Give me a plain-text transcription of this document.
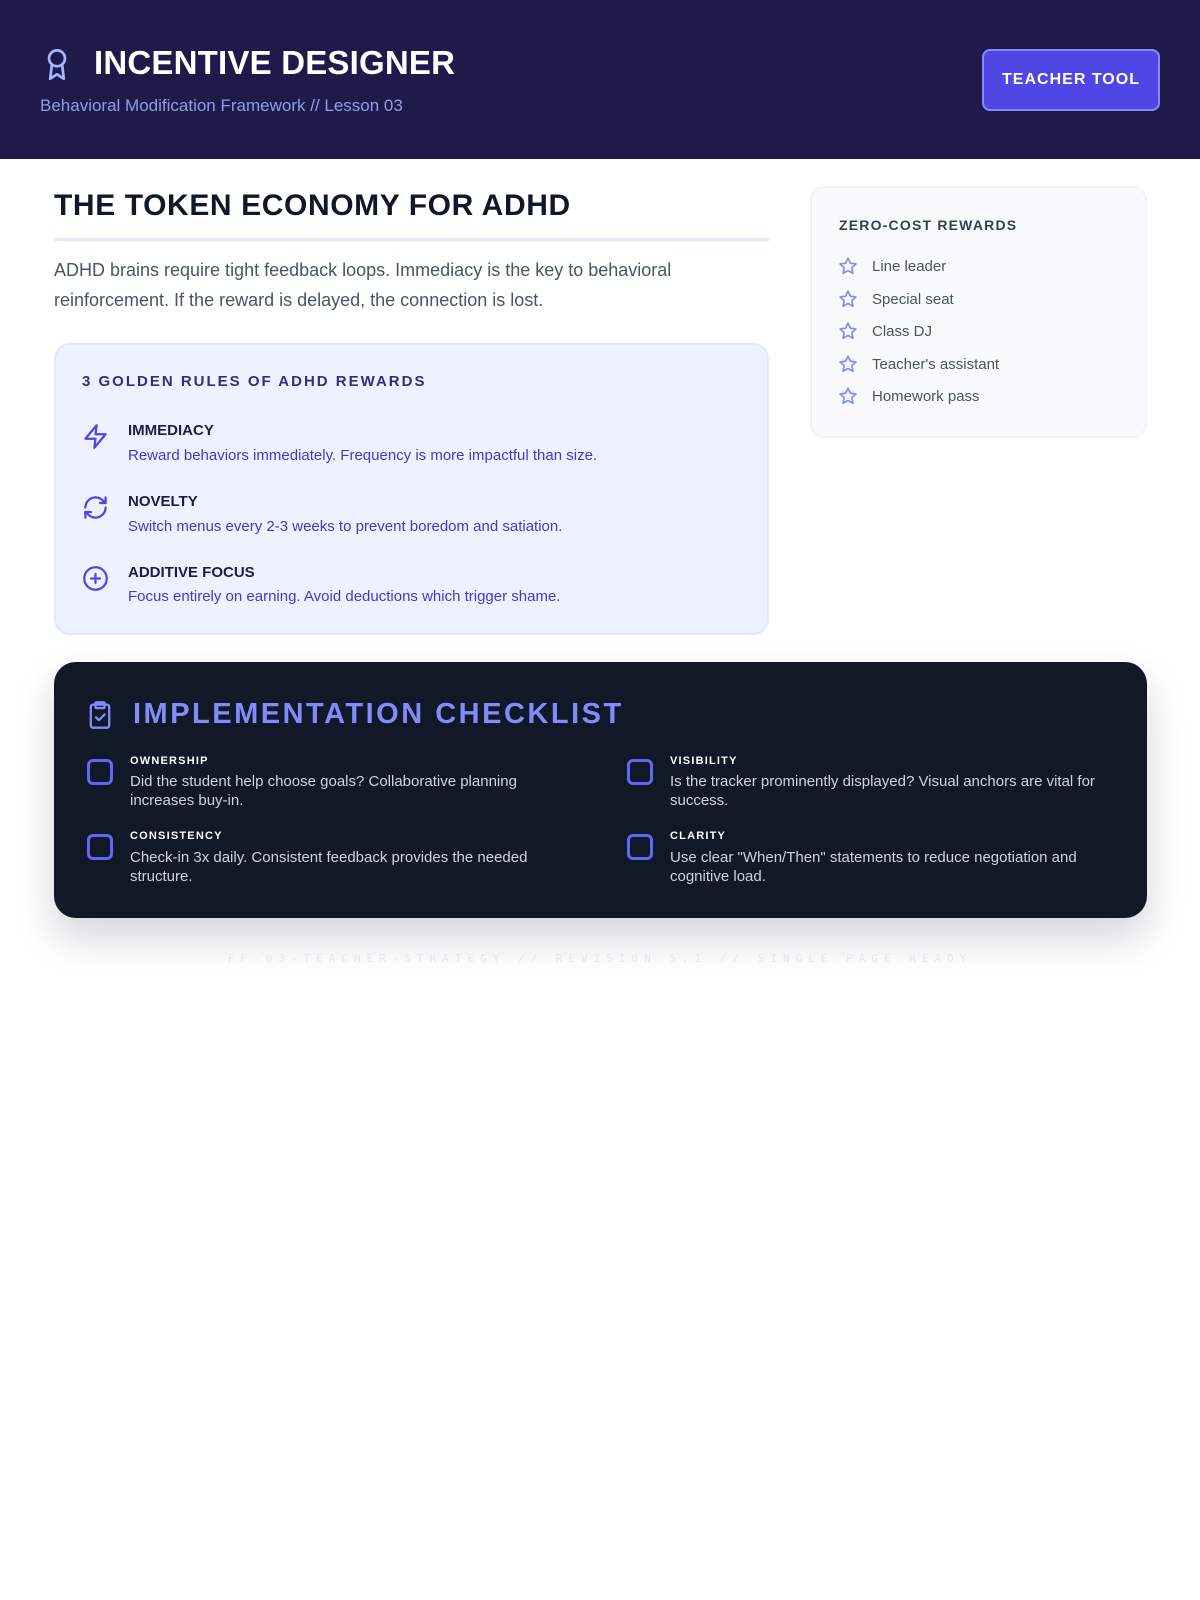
INCENTIVE DESIGNER
Behavioral Modification Framework // Lesson 03
TEACHER TOOL
THE TOKEN ECONOMY FOR ADHD
ADHD brains require tight feedback loops. Immediacy is the key to behavioral reinforcement. If the reward is delayed, the connection is lost.
3 GOLDEN RULES OF ADHD REWARDS
IMMEDIACY
Reward behaviors immediately. Frequency is more impactful than size.
NOVELTY
Switch menus every 2-3 weeks to prevent boredom and satiation.
ADDITIVE FOCUS
Focus entirely on earning. Avoid deductions which trigger shame.
ZERO-COST REWARDS
Line leader
Special seat
Class DJ
Teacher's assistant
Homework pass
IMPLEMENTATION CHECKLIST
OWNERSHIP
Did the student help choose goals? Collaborative planning increases buy-in.
VISIBILITY
Is the tracker prominently displayed? Visual anchors are vital for success.
CONSISTENCY
Check-in 3x daily. Consistent feedback provides the needed structure.
CLARITY
Use clear "When/Then" statements to reduce negotiation and cognitive load.
FF-03-TEACHER-STRATEGY // REVISION 5.1 // SINGLE PAGE READY
